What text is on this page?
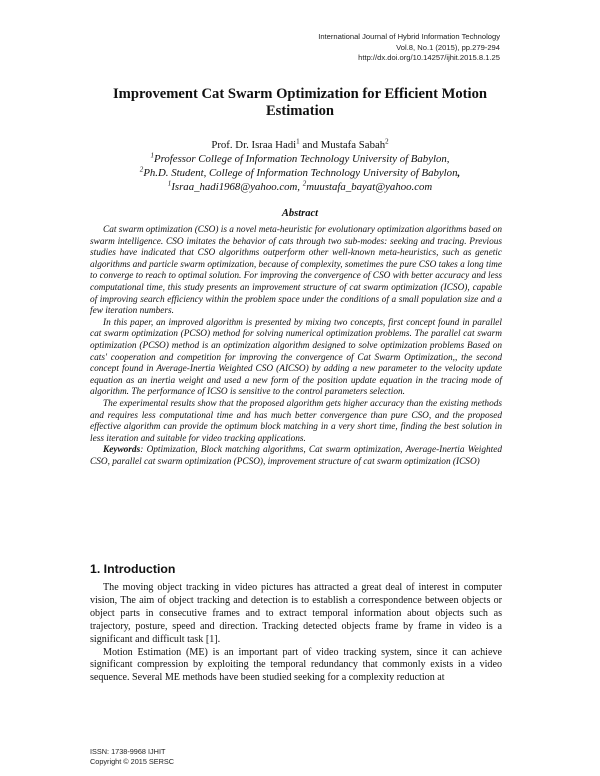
International Journal of Hybrid Information Technology
Vol.8, No.1 (2015), pp.279-294
http://dx.doi.org/10.14257/ijhit.2015.8.1.25
Improvement Cat Swarm Optimization for Efficient Motion
Estimation
Prof. Dr. Israa Hadi$^1$ and Mustafa Sabah$^2$
$^1$Professor College of Information Technology University of Babylon,
$^2$Ph.D. Student, College of Information Technology University of Babylon,
$^1$Israa_hadi1968@yahoo.com, $^2$muustafa_bayat@yahoo.com
Abstract

Cat swarm optimization (CSO) is a novel meta-heuristic for evolutionary optimization algorithms based on swarm intelligence. CSO imitates the behavior of cats through two sub-modes: seeking and tracing. Previous studies have indicated that CSO algorithms outperform other well-known meta-heuristics, such as genetic algorithms and particle swarm optimization, because of complexity, sometimes the pure CSO takes a long time to converge to reach to optimal solution. For improving the convergence of CSO with better accuracy and less computational time, this study presents an improvement structure of cat swarm optimization (ICSO), capable of improving search efficiency within the problem space under the conditions of a small population size and a few iteration numbers.

In this paper, an improved algorithm is presented by mixing two concepts, first concept found in parallel cat swarm optimization (PCSO) method for solving numerical optimization problems. The parallel cat swarm optimization (PCSO) method is an optimization algorithm designed to solve optimization problems Based on cats' cooperation and competition for improving the convergence of Cat Swarm Optimization,, the second concept found in Average-Inertia Weighted CSO (AICSO) by adding a new parameter to the velocity update equation as an inertia weight and used a new form of the position update equation in the tracing mode of algorithm. The performance of ICSO is sensitive to the control parameters selection.

The experimental results show that the proposed algorithm gets higher accuracy than the existing methods and requires less computational time and has much better convergence than pure CSO, and the proposed effective algorithm can provide the optimum block matching in a very short time, finding the best solution in less iteration and suitable for video tracking applications.

Keywords: Optimization, Block matching algorithms, Cat swarm optimization, Average-Inertia Weighted CSO, parallel cat swarm optimization (PCSO), improvement structure of cat swarm optimization (ICSO)

1. Introduction

The moving object tracking in video pictures has attracted a great deal of interest in computer vision, The aim of object tracking and detection is to establish a correspondence between objects or object parts in consecutive frames and to extract temporal information about objects such as trajectory, posture, speed and direction. Tracking detected objects frame by frame in video is a significant and difficult task [1].

Motion Estimation (ME) is an important part of video tracking system, since it can achieve significant compression by exploiting the temporal redundancy that commonly exists in a video sequence. Several ME methods have been studied seeking for a complexity reduction at

ISSN: 1738-9968 IJHIT
Copyright © 2015 SERSC
